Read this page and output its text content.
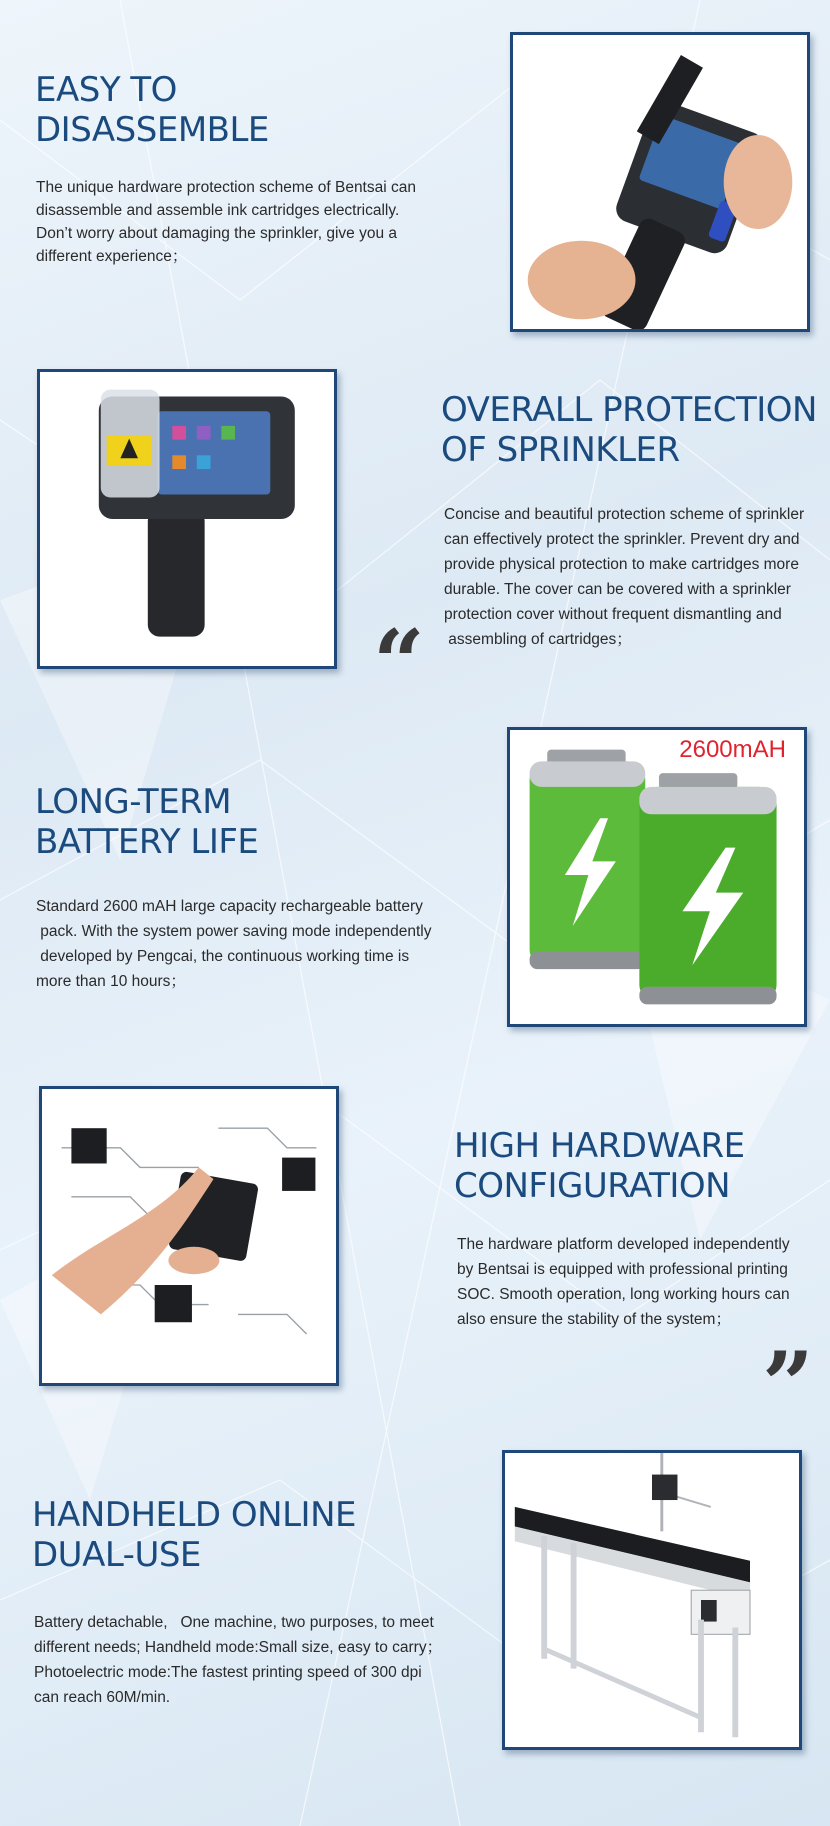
EASY TO
DISASSEMBLE

The unique hardware protection scheme of Bentsai can
disassemble and assemble ink cartridges electrically.
Don’t worry about damaging the sprinkler, give you a
different experience；

OVERALL PROTECTION
OF SPRINKLER
“

Concise and beautiful protection scheme of sprinkler
can effectively protect the sprinkler. Prevent dry and
provide physical protection to make cartridges more
durable. The cover can be covered with a sprinkler
protection cover without frequent dismantling and
assembling of cartridges；

LONG-TERM
BATTERY LIFE

Standard 2600 mAH large capacity rechargeable battery
pack. With the system power saving mode independently
developed by Pengcai, the continuous working time is
more than 10 hours；

2600mAH
HIGH HARDWARE
CONFIGURATION

The hardware platform developed independently
by Bentsai is equipped with professional printing
SOC. Smooth operation, long working hours can
also ensure the stability of the system；

”
HANDHELD ONLINE
DUAL-USE

Battery detachable,   One machine, two purposes, to meet
different needs; Handheld mode:Small size, easy to carry；
Photoelectric mode:The fastest printing speed of 300 dpi
can reach 60M/min.
